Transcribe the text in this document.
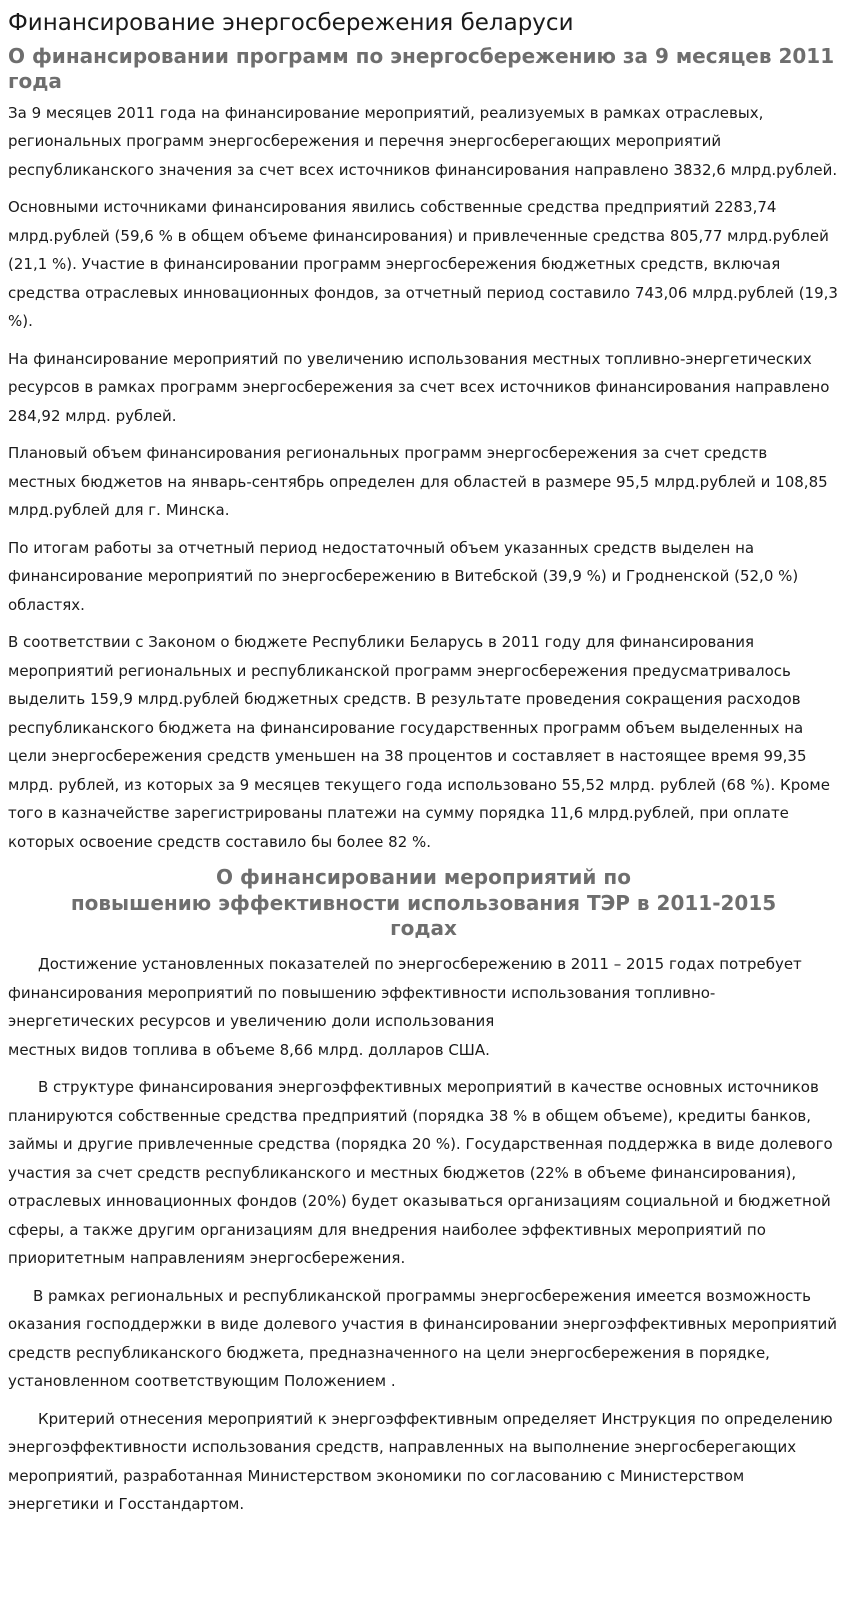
Финансирование энергосбережения беларуси
О финансировании программ по энергосбережению за 9 месяцев 2011 года

За 9 месяцев 2011 года на финансирование мероприятий, реализуемых в рамках отраслевых, региональных программ энергосбережения и перечня энергосберегающих мероприятий республиканского значения за счет всех источников финансирования направлено 3832,6 млрд.рублей.

Основными источниками финансирования явились собственные средства предприятий 2283,74 млрд.рублей (59,6 % в общем объеме финансирования) и привлеченные средства 805,77 млрд.рублей (21,1 %). Участие в финансировании программ энергосбережения бюджетных средств, включая средства отраслевых инновационных фондов, за отчетный период составило 743,06 млрд.рублей (19,3 %).

На финансирование мероприятий по увеличению использования местных топливно-энергетических ресурсов в рамках программ энергосбережения за счет всех источников финансирования направлено 284,92 млрд. рублей.

Плановый объем финансирования региональных программ энергосбережения за счет средств местных бюджетов на январь-сентябрь определен для областей в размере 95,5 млрд.рублей и 108,85 млрд.рублей для г. Минска.

По итогам работы за отчетный период недостаточный объем указанных средств выделен на финансирование мероприятий по энергосбережению в Витебской (39,9 %) и Гродненской (52,0 %) областях.

В соответствии с Законом о бюджете Республики Беларусь в 2011 году для финансирования мероприятий региональных и республиканской программ энергосбережения предусматривалось выделить 159,9 млрд.рублей бюджетных средств. В результате проведения сокращения расходов республиканского бюджета на финансирование государственных программ объем выделенных на цели энергосбережения средств уменьшен на 38 процентов и составляет в настоящее время 99,35 млрд. рублей, из которых за 9 месяцев текущего года использовано 55,52 млрд. рублей (68 %). Кроме того в казначействе зарегистрированы платежи на сумму порядка 11,6 млрд.рублей, при оплате которых освоение средств составило бы более 82 %.

О финансировании мероприятий по
повышению эффективности использования ТЭР в 2011-2015
годах

Достижение установленных показателей по энергосбережению в 2011 – 2015 годах потребует финансирования мероприятий по повышению эффективности использования топливно-энергетических ресурсов и увеличению доли использования
местных видов топлива в объеме 8,66 млрд. долларов США.

В структуре финансирования энергоэффективных мероприятий в качестве основных источников планируются собственные средства предприятий (порядка 38 % в общем объеме), кредиты банков, займы и другие привлеченные средства (порядка 20 %). Государственная поддержка в виде долевого участия за счет средств республиканского и местных бюджетов (22% в объеме финансирования), отраслевых инновационных фондов (20%) будет оказываться организациям социальной и бюджетной сферы, а также другим организациям для внедрения наиболее эффективных мероприятий по приоритетным направлениям энергосбережения.

В рамках региональных и республиканской программы энергосбережения имеется возможность оказания господдержки в виде долевого участия в финансировании энергоэффективных мероприятий средств республиканского бюджета, предназначенного на цели энергосбережения в порядке, установленном соответствующим Положением .

Критерий отнесения мероприятий к энергоэффективным определяет Инструкция по определению энергоэффективности использования средств, направленных на выполнение энергосберегающих мероприятий, разработанная Министерством экономики по согласованию с Министерством энергетики и Госстандартом.
